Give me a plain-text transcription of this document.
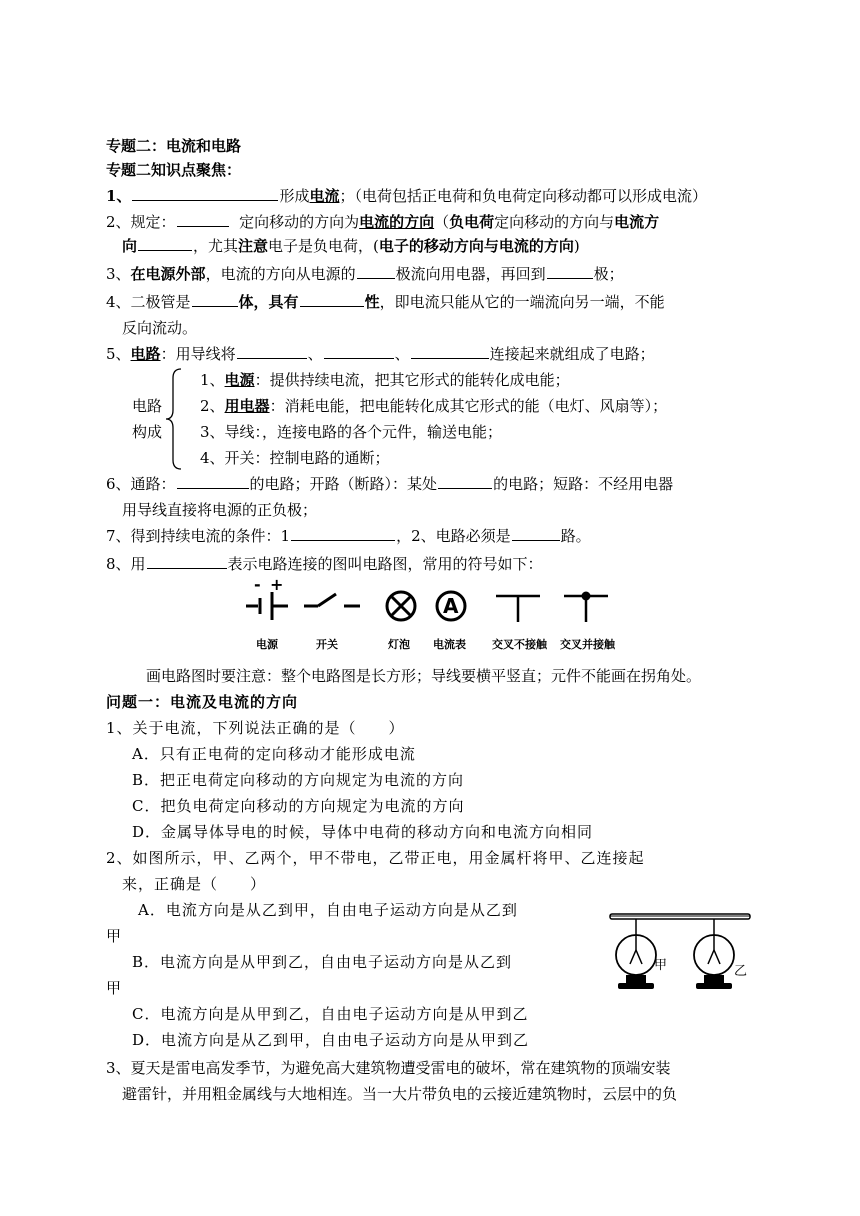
专题二：电流和电路
专题二知识点聚焦：
1、	形成电流；（电荷包括正电荷和负电荷定向移动都可以形成电流）
2、规定：	定向移动的方向为电流的方向（负电荷定向移动的方向与电流方
向	，尤其注意电子是负电荷，(电子的移动方向与电流的方向)
3、在电源外部，电流的方向从电源的	极流向用电器，再回到	极；
4、二极管是	体，具有	性，即电流只能从它的一端流向另一端，不能
反向流动。
5、电路：用导线将	、	、	连接起来就组成了电路；
电路
构成
1、电源：提供持续电流，把其它形式的能转化成电能；
2、用电器：消耗电能，把电能转化成其它形式的能（电灯、风扇等）；
3、导线：，连接电路的各个元件，输送电能；
4、开关：控制电路的通断；
6、通路：	的电路；开路（断路）：某处	的电路；短路：不经用电器
用导线直接将电源的正负极；
7、得到持续电流的条件：1	，2、电路必须是	路。
8、用	表示电路连接的图叫电路图，常用的符号如下：
- +
A
电源	开关	灯泡 电流表 交叉不接触 交叉并接触
画电路图时要注意：整个电路图是长方形；导线要横平竖直；元件不能画在拐角处。
问题一：电流及电流的方向
1、关于电流，下列说法正确的是（　　）
A．只有正电荷的定向移动才能形成电流
B．把正电荷定向移动的方向规定为电流的方向
C．把负电荷定向移动的方向规定为电流的方向
D．金属导体导电的时候，导体中电荷的移动方向和电流方向相同
2、如图所示，甲、乙两个，甲不带电，乙带正电，用金属杆将甲、乙连接起
来，正确是（　　）
A．电流方向是从乙到甲，自由电子运动方向是从乙到
甲
B．电流方向是从甲到乙，自由电子运动方向是从乙到
甲
C．电流方向是从甲到乙，自由电子运动方向是从甲到乙
D．电流方向是从乙到甲，自由电子运动方向是从甲到乙
甲	乙
3、夏天是雷电高发季节，为避免高大建筑物遭受雷电的破坏，常在建筑物的顶端安装
避雷针，并用粗金属线与大地相连。当一大片带负电的云接近建筑物时，云层中的负
